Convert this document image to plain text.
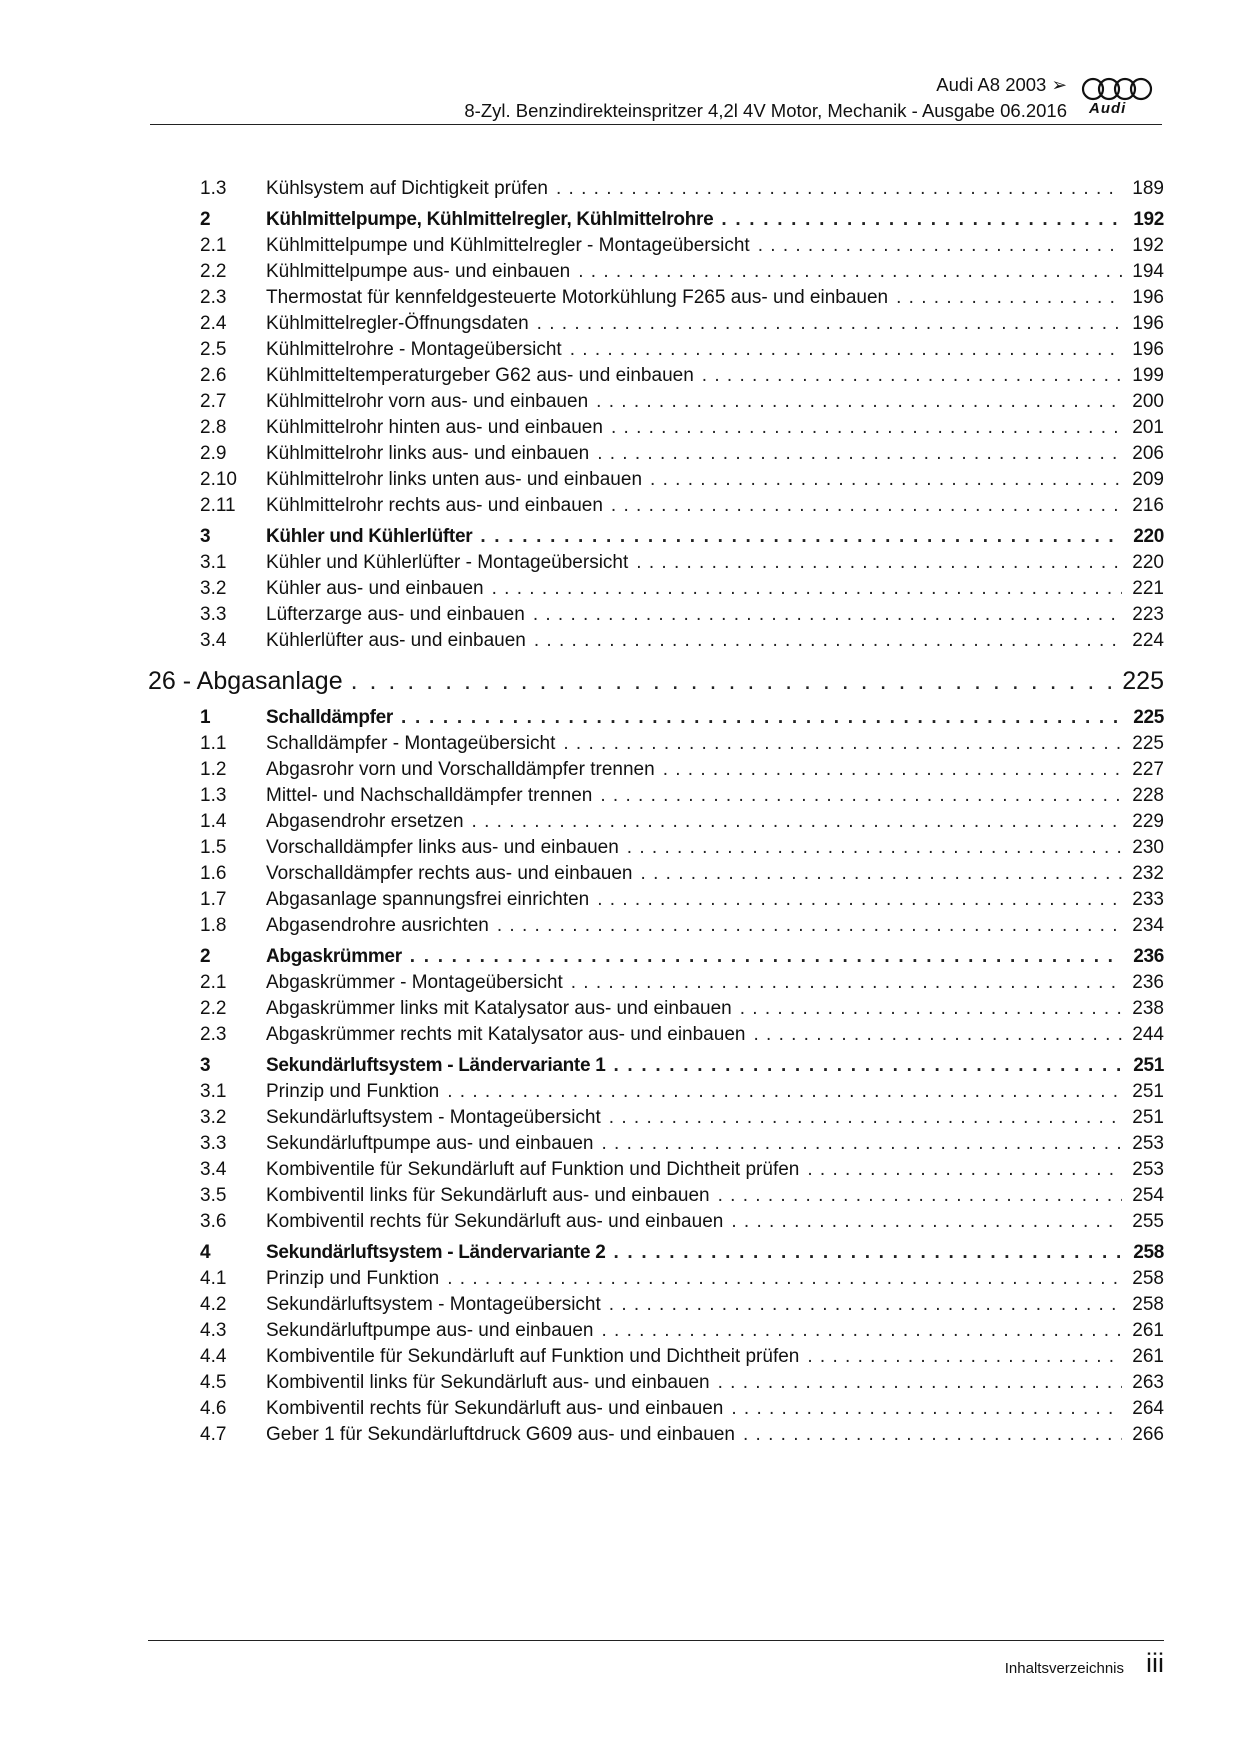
Audi A8 2003 ➢
8-Zyl. Benzindirekteinspritzer 4,2l 4V Motor, Mechanik - Ausgabe 06.2016 Audi
1.3 Kühlsystem auf Dichtigkeit prüfen . . .	189
2	Kühlmittelpumpe, Kühlmittelregler, Kühlmittelrohre . . .	192
2.1 Kühlmittelpumpe und Kühlmittelregler - Montageübersicht . . .	192
2.2 Kühlmittelpumpe aus- und einbauen . . .	194
2.3 Thermostat für kennfeldgesteuerte Motorkühlung F265 aus- und einbauen . . .	196
2.4 Kühlmittelregler-Öffnungsdaten . . .	196
2.5 Kühlmittelrohre - Montageübersicht . . .	196
2.6 Kühlmitteltemperaturgeber G62 aus- und einbauen . . .	199
2.7 Kühlmittelrohr vorn aus- und einbauen . . .	200
2.8 Kühlmittelrohr hinten aus- und einbauen . . .	201
2.9 Kühlmittelrohr links aus- und einbauen . . .	206
2.10 Kühlmittelrohr links unten aus- und einbauen . . .	209
2.11 Kühlmittelrohr rechts aus- und einbauen . . .	216
3	Kühler und Kühlerlüfter . . .	220
3.1 Kühler und Kühlerlüfter - Montageübersicht . . .	220
3.2 Kühler aus- und einbauen . . .	221
3.3 Lüfterzarge aus- und einbauen . . .	223
3.4 Kühlerlüfter aus- und einbauen . . .	224
26 - Abgasanlage . . .	225
1	Schalldämpfer . . .	225
1.1 Schalldämpfer - Montageübersicht . . .	225
1.2 Abgasrohr vorn und Vorschalldämpfer trennen . . .	227
1.3 Mittel- und Nachschalldämpfer trennen . . .	228
1.4 Abgasendrohr ersetzen . . .	229
1.5 Vorschalldämpfer links aus- und einbauen . . .	230
1.6 Vorschalldämpfer rechts aus- und einbauen . . .	232
1.7 Abgasanlage spannungsfrei einrichten . . .	233
1.8 Abgasendrohre ausrichten . . .	234
2	Abgaskrümmer . . .	236
2.1 Abgaskrümmer - Montageübersicht . . .	236
2.2 Abgaskrümmer links mit Katalysator aus- und einbauen . . .	238
2.3 Abgaskrümmer rechts mit Katalysator aus- und einbauen . . .	244
3	Sekundärluftsystem - Ländervariante 1 . . .	251
3.1 Prinzip und Funktion . . .	251
3.2 Sekundärluftsystem - Montageübersicht . . .	251
3.3 Sekundärluftpumpe aus- und einbauen . . .	253
3.4 Kombiventile für Sekundärluft auf Funktion und Dichtheit prüfen . . .	253
3.5 Kombiventil links für Sekundärluft aus- und einbauen . . .	254
3.6 Kombiventil rechts für Sekundärluft aus- und einbauen . . .	255
4	Sekundärluftsystem - Ländervariante 2 . . .	258
4.1 Prinzip und Funktion . . .	258
4.2 Sekundärluftsystem - Montageübersicht . . .	258
4.3 Sekundärluftpumpe aus- und einbauen . . .	261
4.4 Kombiventile für Sekundärluft auf Funktion und Dichtheit prüfen . . .	261
4.5 Kombiventil links für Sekundärluft aus- und einbauen . . .	263
4.6 Kombiventil rechts für Sekundärluft aus- und einbauen . . .	264
4.7 Geber 1 für Sekundärluftdruck G609 aus- und einbauen . . .	266
Inhaltsverzeichnis iii
